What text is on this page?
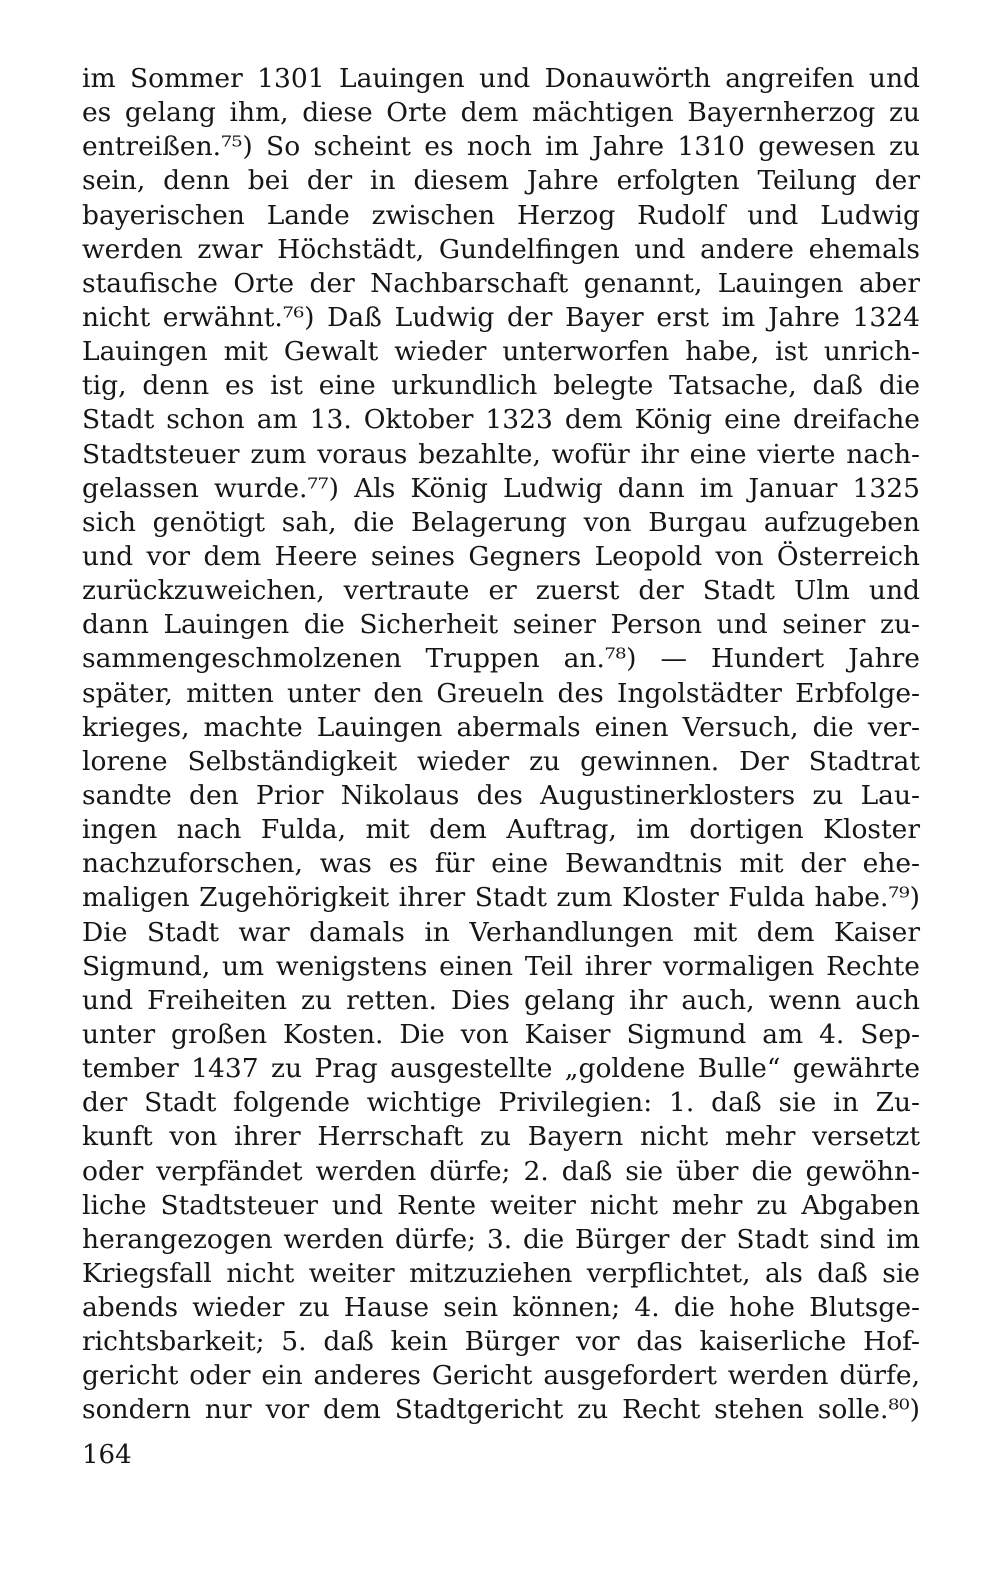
im Sommer 1301 Lauingen und Donauwörth angreifen und
es gelang ihm, diese Orte dem mächtigen Bayernherzog zu
entreißen.⁷⁵) So scheint es noch im Jahre 1310 gewesen zu
sein, denn bei der in diesem Jahre erfolgten Teilung der
bayerischen Lande zwischen Herzog Rudolf und Ludwig
werden zwar Höchstädt, Gundelfingen und andere ehemals
staufische Orte der Nachbarschaft genannt, Lauingen aber
nicht erwähnt.⁷⁶) Daß Ludwig der Bayer erst im Jahre 1324
Lauingen mit Gewalt wieder unterworfen habe, ist unrich-
tig, denn es ist eine urkundlich belegte Tatsache, daß die
Stadt schon am 13. Oktober 1323 dem König eine dreifache
Stadtsteuer zum voraus bezahlte, wofür ihr eine vierte nach-
gelassen wurde.⁷⁷) Als König Ludwig dann im Januar 1325
sich genötigt sah, die Belagerung von Burgau aufzugeben
und vor dem Heere seines Gegners Leopold von Österreich
zurückzuweichen, vertraute er zuerst der Stadt Ulm und
dann Lauingen die Sicherheit seiner Person und seiner zu-
sammengeschmolzenen Truppen an.⁷⁸) — Hundert Jahre
später, mitten unter den Greueln des Ingolstädter Erbfolge-
krieges, machte Lauingen abermals einen Versuch, die ver-
lorene Selbständigkeit wieder zu gewinnen. Der Stadtrat
sandte den Prior Nikolaus des Augustinerklosters zu Lau-
ingen nach Fulda, mit dem Auftrag, im dortigen Kloster
nachzuforschen, was es für eine Bewandtnis mit der ehe-
maligen Zugehörigkeit ihrer Stadt zum Kloster Fulda habe.⁷⁹)
Die Stadt war damals in Verhandlungen mit dem Kaiser
Sigmund, um wenigstens einen Teil ihrer vormaligen Rechte
und Freiheiten zu retten. Dies gelang ihr auch, wenn auch
unter großen Kosten. Die von Kaiser Sigmund am 4. Sep-
tember 1437 zu Prag ausgestellte „goldene Bulle“ gewährte
der Stadt folgende wichtige Privilegien: 1. daß sie in Zu-
kunft von ihrer Herrschaft zu Bayern nicht mehr versetzt
oder verpfändet werden dürfe; 2. daß sie über die gewöhn-
liche Stadtsteuer und Rente weiter nicht mehr zu Abgaben
herangezogen werden dürfe; 3. die Bürger der Stadt sind im
Kriegsfall nicht weiter mitzuziehen verpflichtet, als daß sie
abends wieder zu Hause sein können; 4. die hohe Blutsge-
richtsbarkeit; 5. daß kein Bürger vor das kaiserliche Hof-
gericht oder ein anderes Gericht ausgefordert werden dürfe,
sondern nur vor dem Stadtgericht zu Recht stehen solle.⁸⁰)
164
